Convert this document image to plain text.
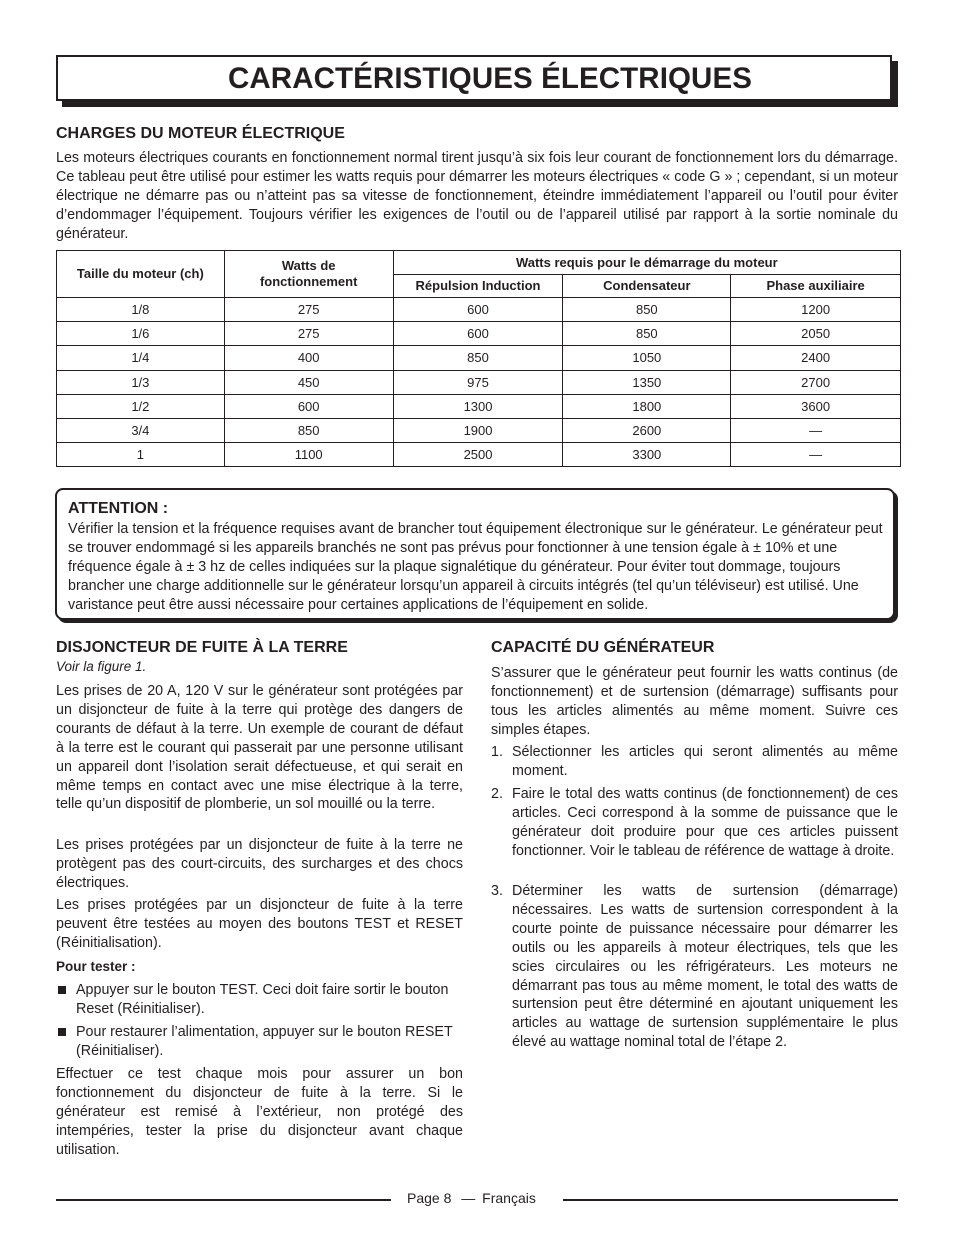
CARACTÉRISTIQUES ÉLECTRIQUES
CHARGES DU MOTEUR ÉLECTRIQUE
Les moteurs électriques courants en fonctionnement normal tirent jusqu’à six fois leur courant de fonctionnement lors du démarrage. Ce tableau peut être utilisé pour estimer les watts requis pour démarrer les moteurs électriques « code G » ; cependant, si un moteur électrique ne démarre pas ou n’atteint pas sa vitesse de fonctionnement, éteindre immédiatement l’appareil ou l’outil pour éviter d’endommager l’équipement. Toujours vérifier les exigences de l’outil ou de l’appareil utilisé par rapport à la sortie nominale du générateur.
Taille du moteur (ch)	Watts de fonctionnement	Watts requis pour le démarrage du moteur		
		Répulsion Induction	Condensateur	Phase auxiliaire
1/8	275	600	850	1200
1/6	275	600	850	2050
1/4	400	850	1050	2400
1/3	450	975	1350	2700
1/2	600	1300	1800	3600
3/4	850	1900	2600	—
1	1100	2500	3300	—
ATTENTION :
Vérifier la tension et la fréquence requises avant de brancher tout équipement électronique sur le générateur. Le générateur peut se trouver endommagé si les appareils branchés ne sont pas prévus pour fonctionner à une tension égale à ± 10% et une fréquence égale à ± 3 hz de celles indiquées sur la plaque signalétique du générateur. Pour éviter tout dommage, toujours brancher une charge additionnelle sur le générateur lorsqu’un appareil à circuits intégrés (tel qu’un téléviseur) est utilisé. Une varistance peut être aussi nécessaire pour certaines applications de l’équipement en solide.
DISJONCTEUR DE FUITE À LA TERRE
Voir la figure 1.
Les prises de 20 A, 120 V sur le générateur sont protégées par un disjoncteur de fuite à la terre qui protège des dangers de courants de défaut à la terre. Un exemple de courant de défaut à la terre est le courant qui passerait par une personne utilisant un appareil dont l’isolation serait défectueuse, et qui serait en même temps en contact avec une mise électrique à la terre, telle qu’un dispositif de plomberie, un sol mouillé ou la terre.
Les prises protégées par un disjoncteur de fuite à la terre ne protègent pas des court-circuits, des surcharges et des chocs électriques.
Les prises protégées par un disjoncteur de fuite à la terre peuvent être testées au moyen des boutons TEST et RESET (Réinitialisation).
Pour tester :
Appuyer sur le bouton TEST. Ceci doit faire sortir le bouton Reset (Réinitialiser).
Pour restaurer l’alimentation, appuyer sur le bouton RESET (Réinitialiser).
Effectuer ce test chaque mois pour assurer un bon fonctionnement du disjoncteur de fuite à la terre. Si le générateur est remisé à l’extérieur, non protégé des intempéries, tester la prise du disjoncteur avant chaque utilisation.
CAPACITÉ DU GÉNÉRATEUR
S’assurer que le générateur peut fournir les watts continus (de fonctionnement) et de surtension (démarrage) suffisants pour tous les articles alimentés au même moment. Suivre ces simples étapes.
1. Sélectionner les articles qui seront alimentés au même moment.
2. Faire le total des watts continus (de fonctionnement) de ces articles. Ceci correspond à la somme de puissance que le générateur doit produire pour que ces articles puissent fonctionner. Voir le tableau de référence de wattage à droite.
3. Déterminer les watts de surtension (démarrage) nécessaires. Les watts de surtension correspondent à la courte pointe de puissance nécessaire pour démarrer les outils ou les appareils à moteur électriques, tels que les scies circulaires ou les réfrigérateurs. Les moteurs ne démarrant pas tous au même moment, le total des watts de surtension peut être déterminé en ajoutant uniquement les articles au wattage de surtension supplémentaire le plus élevé au wattage nominal total de l’étape 2.
Page 8 — Français
